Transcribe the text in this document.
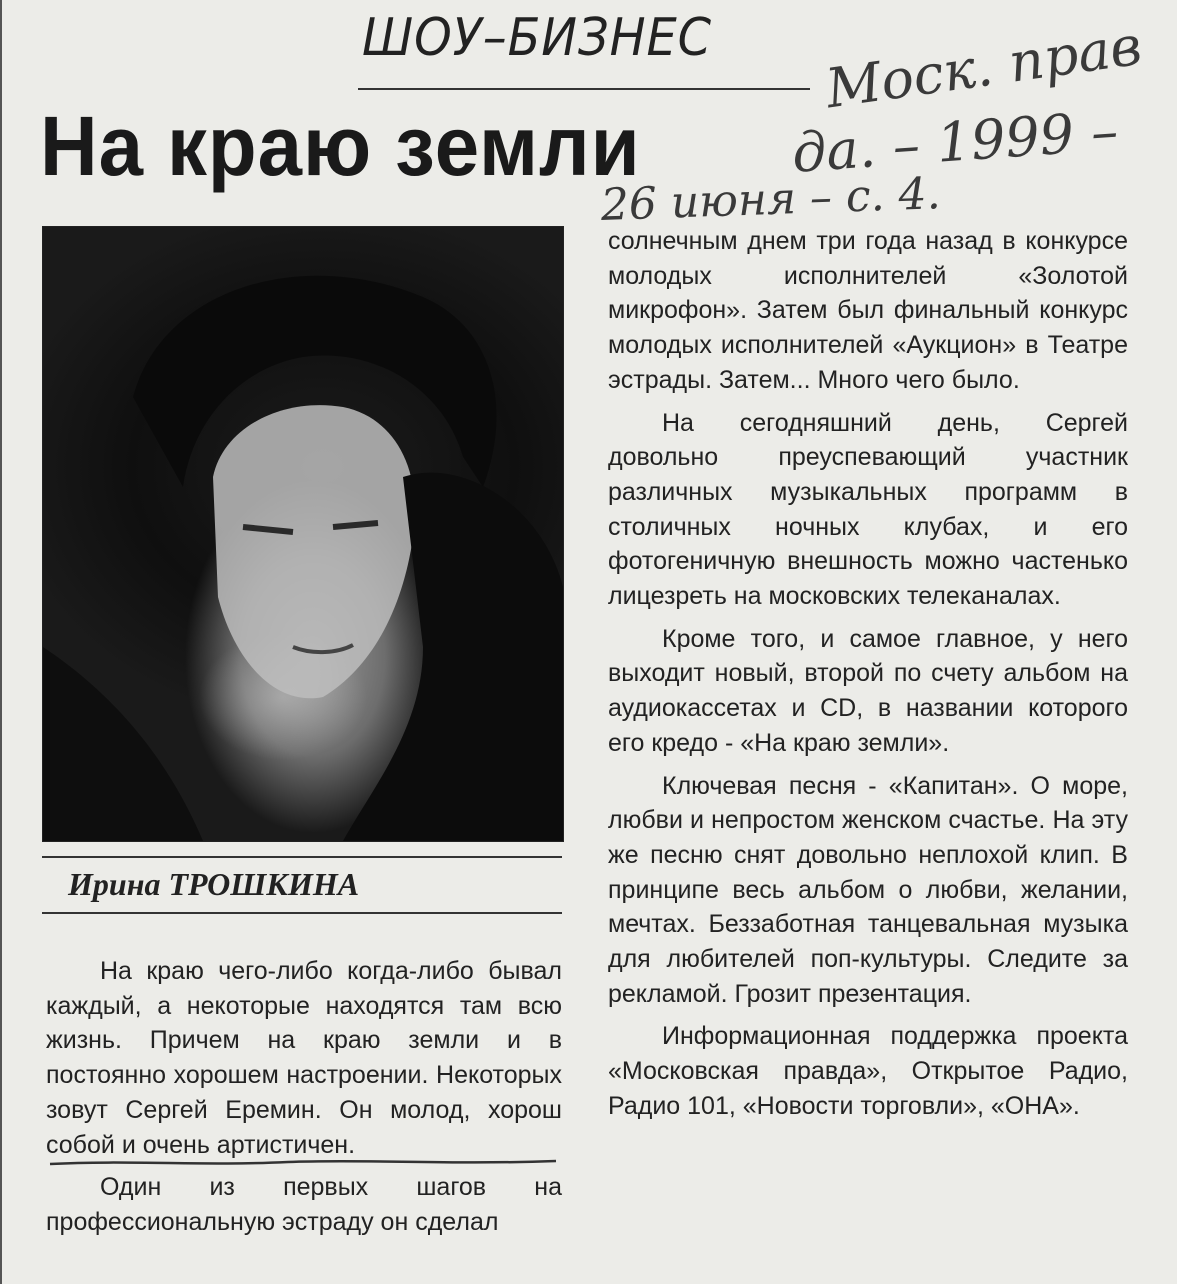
ШОУ–БИЗНЕС
На краю земли
Моск. прав
да. – 1999 –
26 июня – с. 4.
Ирина ТРОШКИНА

На краю чего-либо когда-либо бывал каждый, а некоторые находятся там всю жизнь. Причем на краю земли и в постоянно хорошем настроении. Некоторых зовут Сергей Еремин. Он молод, хорош собой и очень артистичен.

Один из первых шагов на профессиональную эстраду он сделал

солнечным днем три года назад в конкурсе молодых исполнителей «Золотой микрофон». Затем был финальный конкурс молодых исполнителей «Аукцион» в Театре эстрады. Затем... Много чего было.

На сегодняшний день, Сергей довольно преуспевающий участник различных музыкальных программ в столичных ночных клубах, и его фотогеничную внешность можно частенько лицезреть на московских телеканалах.

Кроме того, и самое главное, у него выходит новый, второй по счету альбом на аудиокассетах и CD, в названии которого его кредо - «На краю земли».

Ключевая песня - «Капитан». О море, любви и непростом женском счастье. На эту же песню снят довольно неплохой клип. В принципе весь альбом о любви, желании, мечтах. Беззаботная танцевальная музыка для любителей поп-культуры. Следите за рекламой. Грозит презентация.

Информационная поддержка проекта «Московская правда», Открытое Радио, Радио 101, «Новости торговли», «ОНА».
